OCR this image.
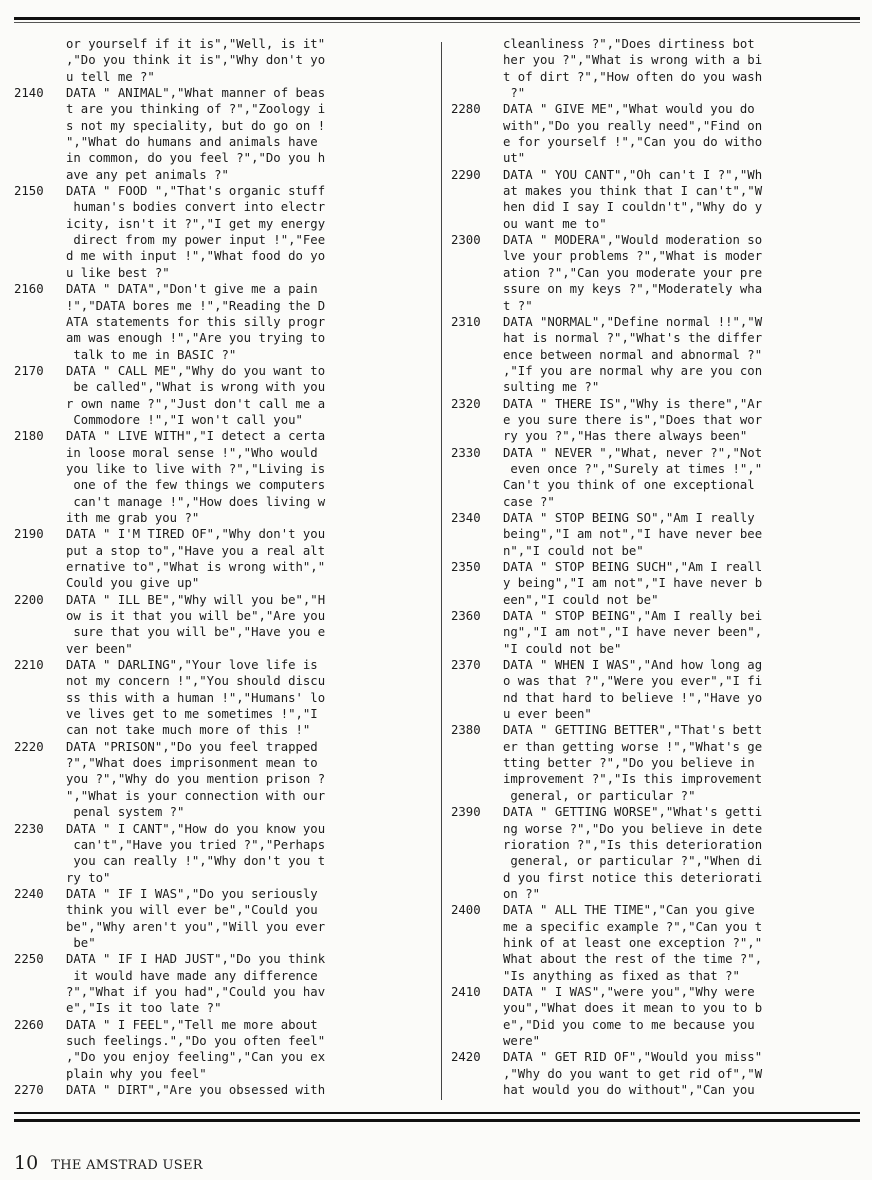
or yourself if it is","Well, is it"
,"Do you think it is","Why don't yo
u tell me ?"
2140	DATA " ANIMAL","What manner of beas
t are you thinking of ?","Zoology i
s not my speciality, but do go on !
","What do humans and animals have
in common, do you feel ?","Do you h
ave any pet animals ?"
2150	DATA " FOOD ","That's organic stuff
human's bodies convert into electr
icity, isn't it ?","I get my energy
direct from my power input !","Fee
d me with input !","What food do yo
u like best ?"
2160	DATA " DATA","Don't give me a pain
!","DATA bores me !","Reading the D
ATA statements for this silly progr
am was enough !","Are you trying to
talk to me in BASIC ?"
2170	DATA " CALL ME","Why do you want to
be called","What is wrong with you
r own name ?","Just don't call me a
Commodore !","I won't call you"
2180	DATA " LIVE WITH","I detect a certa
in loose moral sense !","Who would
you like to live with ?","Living is
one of the few things we computers
can't manage !","How does living w
ith me grab you ?"
2190	DATA " I'M TIRED OF","Why don't you
put a stop to","Have you a real alt
ernative to","What is wrong with","
Could you give up"
2200	DATA " ILL BE","Why will you be","H
ow is it that you will be","Are you
sure that you will be","Have you e
ver been"
2210	DATA " DARLING","Your love life is
not my concern !","You should discu
ss this with a human !","Humans' lo
ve lives get to me sometimes !","I
can not take much more of this !"
2220	DATA "PRISON","Do you feel trapped
?","What does imprisonment mean to
you ?","Why do you mention prison ?
","What is your connection with our
penal system ?"
2230	DATA " I CANT","How do you know you
can't","Have you tried ?","Perhaps
you can really !","Why don't you t
ry to"
2240	DATA " IF I WAS","Do you seriously
think you will ever be","Could you
be","Why aren't you","Will you ever
be"
2250	DATA " IF I HAD JUST","Do you think
it would have made any difference
?","What if you had","Could you hav
e","Is it too late ?"
2260	DATA " I FEEL","Tell me more about
such feelings.","Do you often feel"
,"Do you enjoy feeling","Can you ex
plain why you feel"
2270	DATA " DIRT","Are you obsessed with
cleanliness ?","Does dirtiness bot
her you ?","What is wrong with a bi
t of dirt ?","How often do you wash
?"
2280	DATA " GIVE ME","What would you do
with","Do you really need","Find on
e for yourself !","Can you do witho
ut"
2290	DATA " YOU CANT","Oh can't I ?","Wh
at makes you think that I can't","W
hen did I say I couldn't","Why do y
ou want me to"
2300	DATA " MODERA","Would moderation so
lve your problems ?","What is moder
ation ?","Can you moderate your pre
ssure on my keys ?","Moderately wha
t ?"
2310	DATA "NORMAL","Define normal !!","W
hat is normal ?","What's the differ
ence between normal and abnormal ?"
,"If you are normal why are you con
sulting me ?"
2320	DATA " THERE IS","Why is there","Ar
e you sure there is","Does that wor
ry you ?","Has there always been"
2330	DATA " NEVER ","What, never ?","Not
even once ?","Surely at times !","
Can't you think of one exceptional
case ?"
2340	DATA " STOP BEING SO","Am I really
being","I am not","I have never bee
n","I could not be"
2350	DATA " STOP BEING SUCH","Am I reall
y being","I am not","I have never b
een","I could not be"
2360	DATA " STOP BEING","Am I really bei
ng","I am not","I have never been",
"I could not be"
2370	DATA " WHEN I WAS","And how long ag
o was that ?","Were you ever","I fi
nd that hard to believe !","Have yo
u ever been"
2380	DATA " GETTING BETTER","That's bett
er than getting worse !","What's ge
tting better ?","Do you believe in
improvement ?","Is this improvement
general, or particular ?"
2390	DATA " GETTING WORSE","What's getti
ng worse ?","Do you believe in dete
rioration ?","Is this deterioration
general, or particular ?","When di
d you first notice this deteriorati
on ?"
2400	DATA " ALL THE TIME","Can you give
me a specific example ?","Can you t
hink of at least one exception ?","
What about the rest of the time ?",
"Is anything as fixed as that ?"
2410	DATA " I WAS","were you","Why were
you","What does it mean to you to b
e","Did you come to me because you
were"
2420	DATA " GET RID OF","Would you miss"
,"Why do you want to get rid of","W
hat would you do without","Can you
10 THE AMSTRAD USER
